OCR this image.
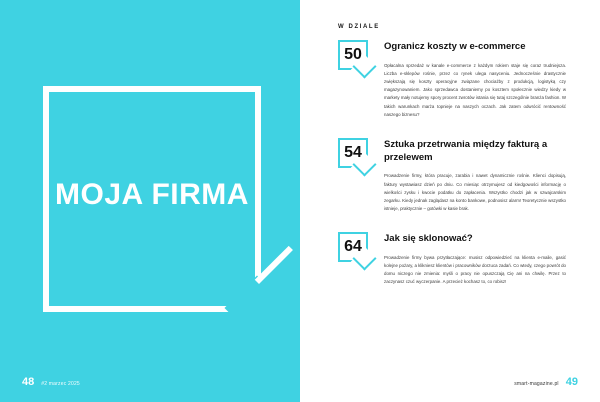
MOJA FIRMA
48 #2 marzec 2025
W DZIALE
50	Ogranicz koszty w e-commerce
Opłacalna sprzedaż w kanale e-commerce z każdym rokiem staje się coraz trudniejsza. Liczba e-sklepów rośnie, przez co rynek ulega nasyceniu. Jednocześnie drastycznie zwiększają się koszty operacyjne związane chociażby z produkcją, logistyką czy magazynowaniem. Jako sprzedawca dostaniemy po kosztem społecznie wiedzy kiedy w markety mały notujemy spory procent zwrotów istania się tutaj szczególnie branża fashion. W takich warunkach marża topnieje na naszych oczach. Jak zatem odwrócić rentowność naszego biznesu?
54	Sztuka przetrwania między fakturą a przelewem
Prowadzenie firmy, która pracuje, zarabia i nawet dynamicznie rośnie. Klienci dopisują, faktury wystawiasz dzień po dniu. Co miesiąc otrzymujesz od kiedgowości informację o wielkości zysku i kwocie podatku do zapłacenia. Wszystko chodzi jak w szwajcarskim zegarku. Kiedy jednak zaglądasz na konto bankowe, podnosisz alarm! Teoretycznie wszystko istnieje, praktycznie – gotówki w kasie brak.
64	Jak się sklonować?
Prowadzenie firmy bywa przytłaczające: musisz odpowiedzieć na klienta e-maile, gasić kolejne pożary, a klikniesz klientów i pracowników dorzuca zadań. Co wtedy, czego powrót do domu niczego nie zmienia: myśli o pracy nie opuszczają Cię ani na chwilę. Przez to zaczynasz czuć wyczerpanie. A przecież kochasz to, co robisz!
smart-magazine.pl 49
